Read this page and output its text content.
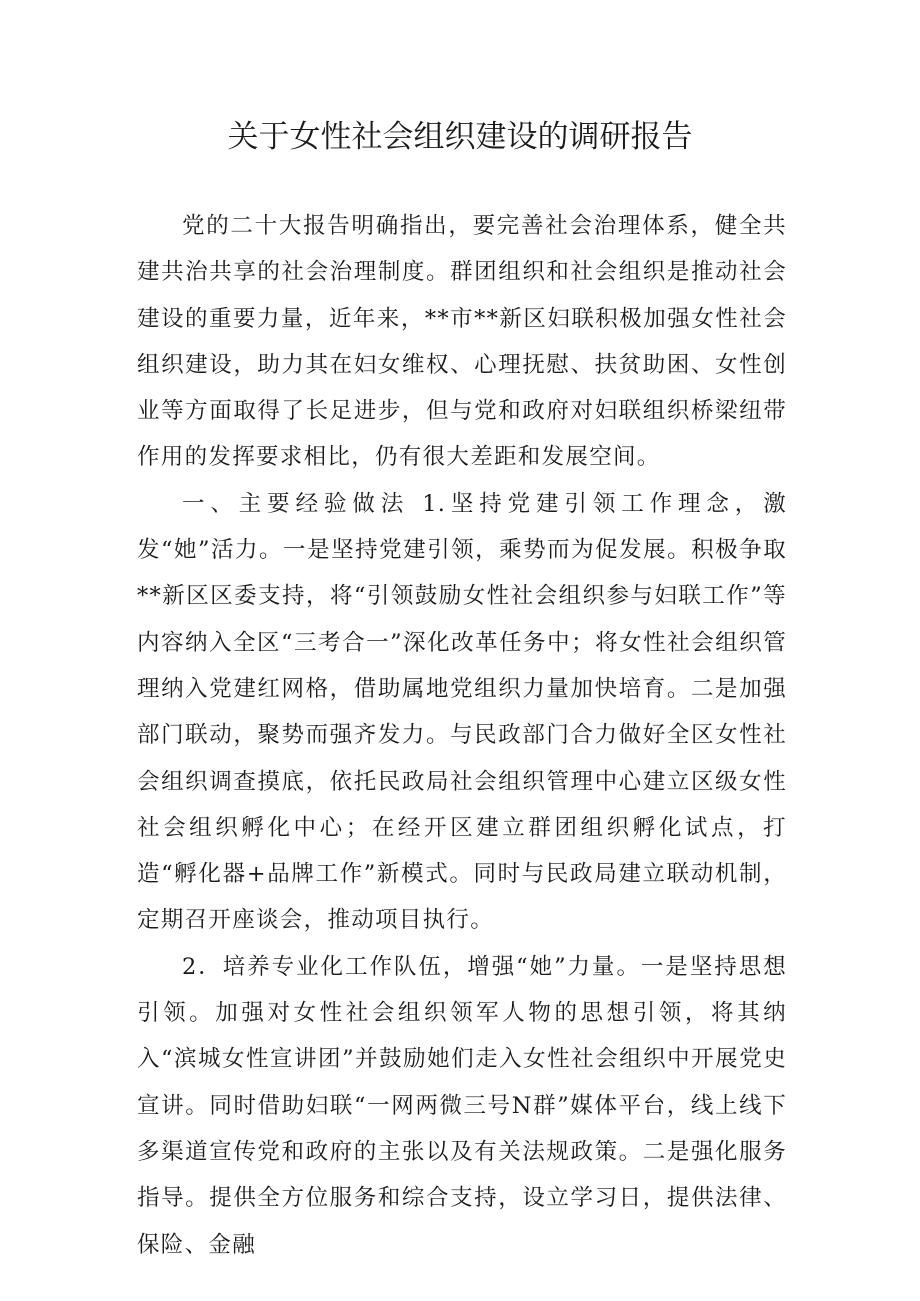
关于女性社会组织建设的调研报告

党的二十大报告明确指出，要完善社会治理体系，健全共建共治共享的社会治理制度。群团组织和社会组织是推动社会建设的重要力量，近年来，**市**新区妇联积极加强女性社会组织建设，助力其在妇女维权、心理抚慰、扶贫助困、女性创业等方面取得了长足进步，但与党和政府对妇联组织桥梁纽带作用的发挥要求相比，仍有很大差距和发展空间。

一、主要经验做法 1.坚持党建引领工作理念，激发“她”活力。一是坚持党建引领，乘势而为促发展。积极争取**新区区委支持，将“引领鼓励女性社会组织参与妇联工作”等内容纳入全区“三考合一”深化改革任务中；将女性社会组织管理纳入党建红网格，借助属地党组织力量加快培育。二是加强部门联动，聚势而强齐发力。与民政部门合力做好全区女性社会组织调查摸底，依托民政局社会组织管理中心建立区级女性社会组织孵化中心；在经开区建立群团组织孵化试点，打造“孵化器+品牌工作”新模式。同时与民政局建立联动机制，定期召开座谈会，推动项目执行。

2．培养专业化工作队伍，增强“她”力量。一是坚持思想引领。加强对女性社会组织领军人物的思想引领，将其纳入“滨城女性宣讲团”并鼓励她们走入女性社会组织中开展党史宣讲。同时借助妇联“一网两微三号N群”媒体平台，线上线下多渠道宣传党和政府的主张以及有关法规政策。二是强化服务指导。提供全方位服务和综合支持，设立学习日，提供法律、保险、金融
